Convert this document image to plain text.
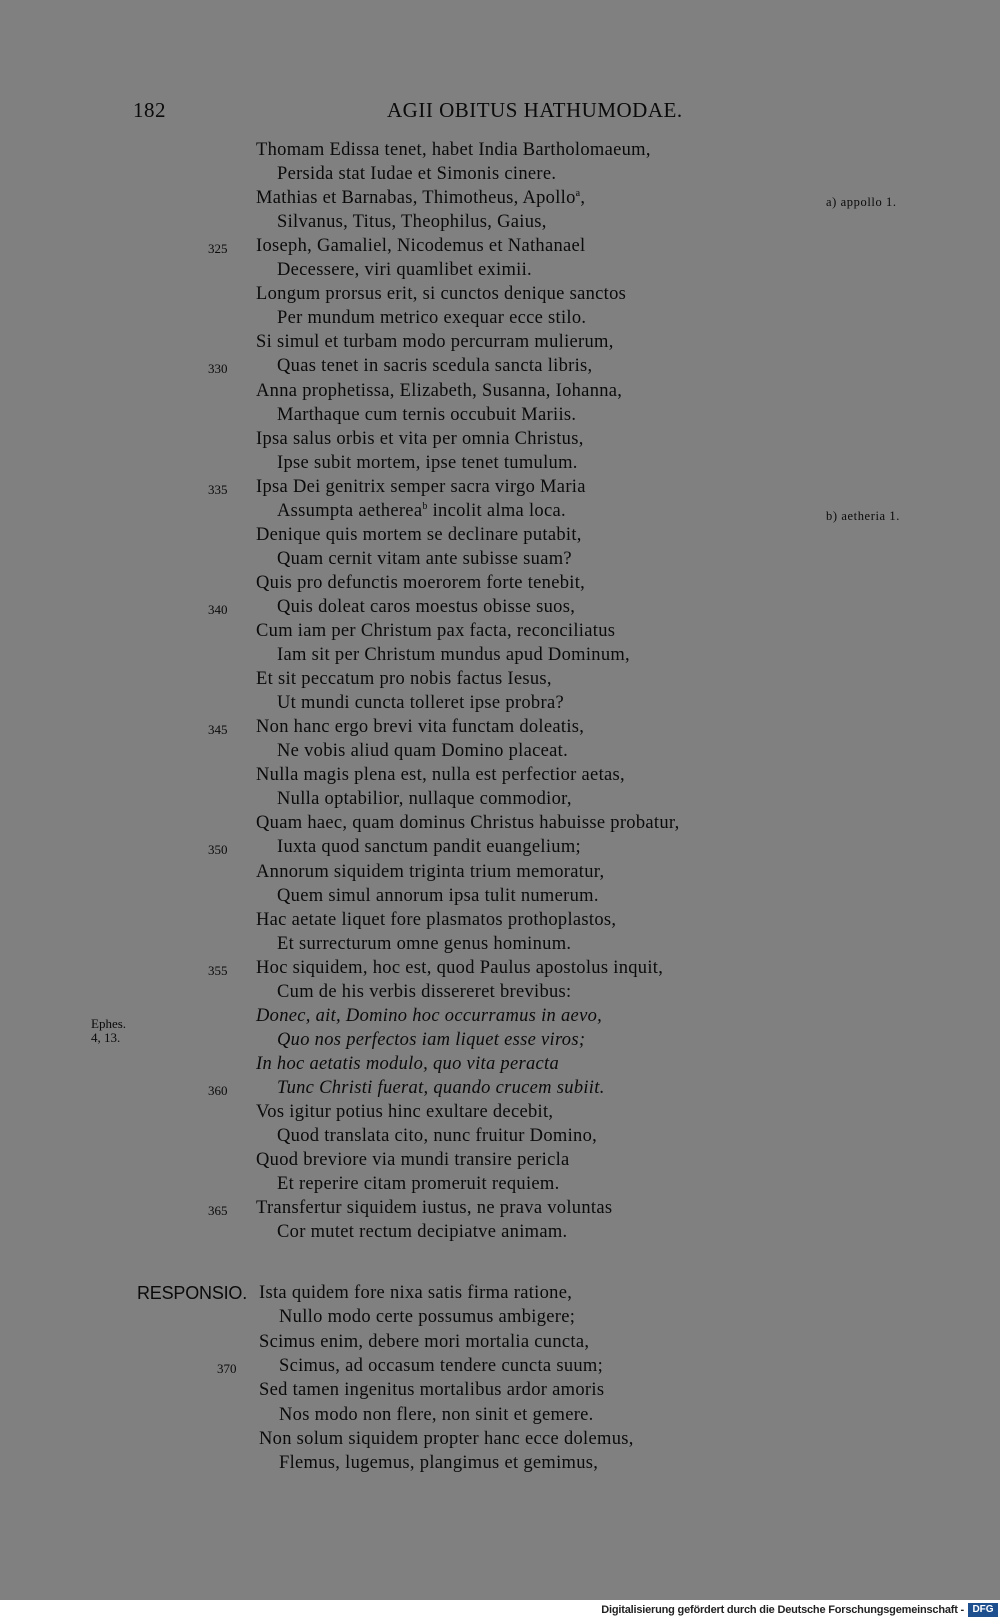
182	AGII OBITUS HATHUMODAE.
Thomam Edissa tenet, habet India Bartholomaeum,
Persida stat Iudae et Simonis cinere.
Mathias et Barnabas, Thimotheus, Apollo$^a$,
Silvanus, Titus, Theophilus, Gaius,
Ioseph, Gamaliel, Nicodemus et Nathanael
325
Decessere, viri quamlibet eximii.
Longum prorsus erit, si cunctos denique sanctos
Per mundum metrico exequar ecce stilo.
Si simul et turbam modo percurram mulierum,
Quas tenet in sacris scedula sancta libris,
330
Anna prophetissa, Elizabeth, Susanna, Iohanna,
Marthaque cum ternis occubuit Mariis.
Ipsa salus orbis et vita per omnia Christus,
Ipse subit mortem, ipse tenet tumulum.
Ipsa Dei genitrix semper sacra virgo Maria
335
Assumpta aetherea$^b$ incolit alma loca.
Denique quis mortem se declinare putabit,
Quam cernit vitam ante subisse suam?
Quis pro defunctis moerorem forte tenebit,
Quis doleat caros moestus obisse suos,
340
Cum iam per Christum pax facta, reconciliatus
Iam sit per Christum mundus apud Dominum,
Et sit peccatum pro nobis factus Iesus,
Ut mundi cuncta tolleret ipse probra?
Non hanc ergo brevi vita functam doleatis,
345
Ne vobis aliud quam Domino placeat.
Nulla magis plena est, nulla est perfectior aetas,
Nulla optabilior, nullaque commodior,
Quam haec, quam dominus Christus habuisse probatur,
Iuxta quod sanctum pandit euangelium;
350
Annorum siquidem triginta trium memoratur,
Quem simul annorum ipsa tulit numerum.
Hac aetate liquet fore plasmatos prothoplastos,
Et surrecturum omne genus hominum.
Hoc siquidem, hoc est, quod Paulus apostolus inquit,
355
Cum de his verbis dissereret brevibus:
Donec, ait, Domino hoc occurramus in aevo,
Quo nos perfectos iam liquet esse viros;
In hoc aetatis modulo, quo vita peracta
Tunc Christi fuerat, quando crucem subiit.
360
Vos igitur potius hinc exultare decebit,
Quod translata cito, nunc fruitur Domino,
Quod breviore via mundi transire pericla
Et reperire citam promeruit requiem.
Transfertur siquidem iustus, ne prava voluntas
365
Cor mutet rectum decipiatve animam.
RESPONSIO. Ista quidem fore nixa satis firma ratione,
Nullo modo certe possumus ambigere;
Scimus enim, debere mori mortalia cuncta,
Scimus, ad occasum tendere cuncta suum;
370
Sed tamen ingenitus mortalibus ardor amoris
Nos modo non flere, non sinit et gemere.
Non solum siquidem propter hanc ecce dolemus,
Flemus, lugemus, plangimus et gemimus,
a) appollo 1.
b) aetheria 1.
Ephes.
4, 13.
Digitalisierung gefördert durch die Deutsche Forschungsgemeinschaft - DFG
